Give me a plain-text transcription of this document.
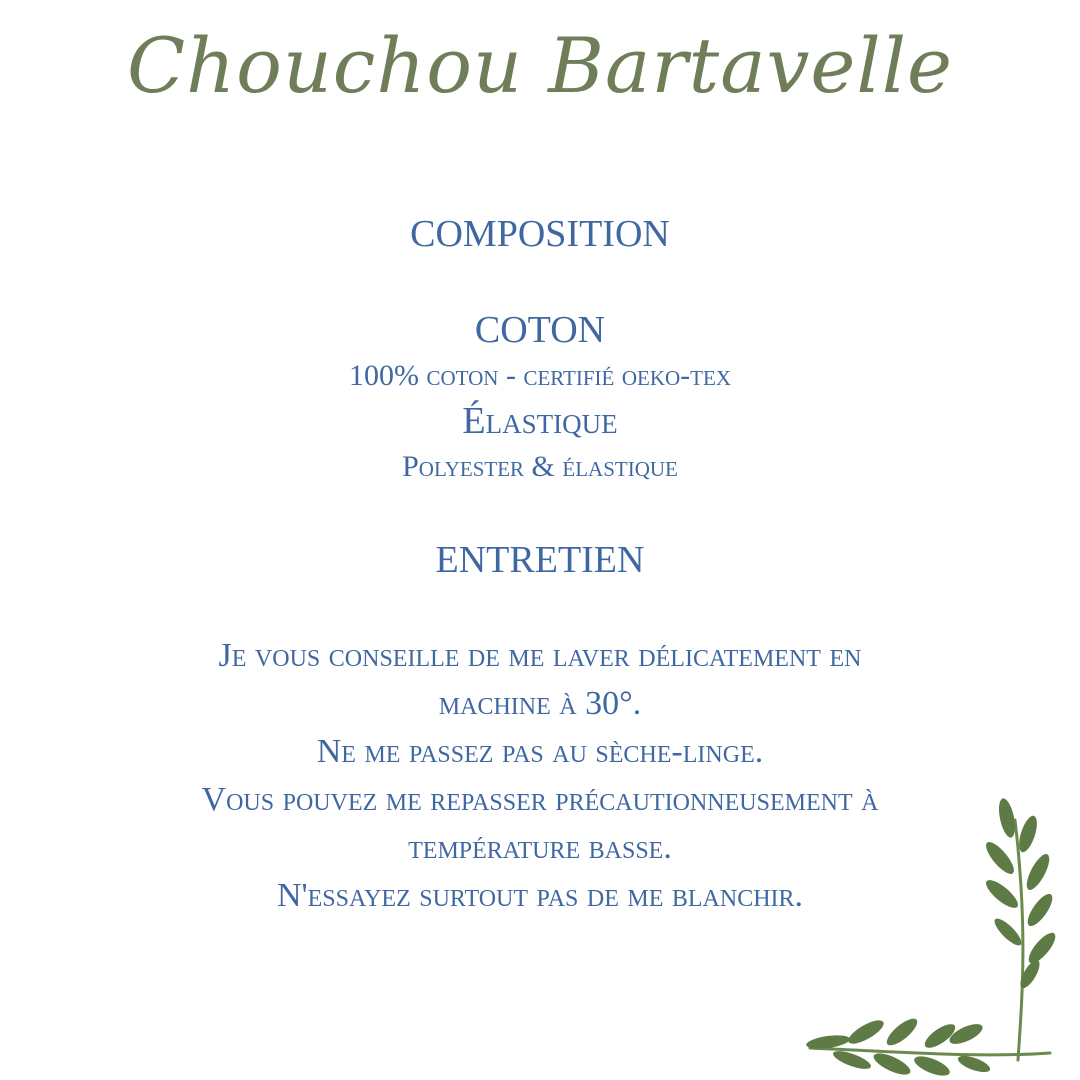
Chouchou Bartavelle
COMPOSITION
COTON
100% coton - certifié oeko-tex
Élastique
Polyester & élastique
ENTRETIEN
Je vous conseille de me laver délicatement en
machine à 30°.
Ne me passez pas au sèche-linge.
Vous pouvez me repasser précautionneusement à
température basse.
N'essayez surtout pas de me blanchir.
